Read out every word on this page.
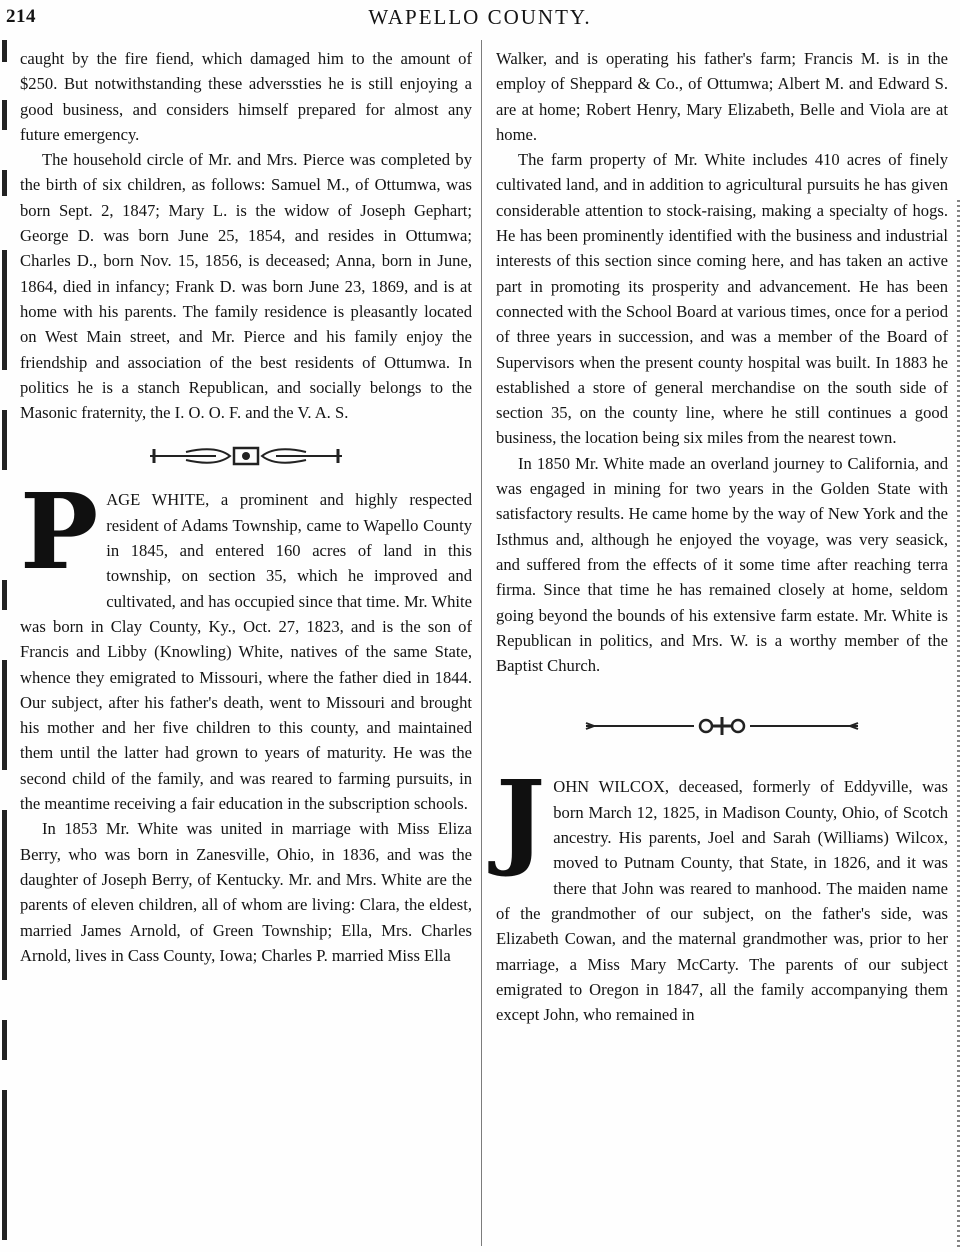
214	WAPELLO COUNTY.

caught by the fire fiend, which damaged him to the amount of $250. But notwithstanding these adverssties he is still enjoying a good business, and considers himself prepared for almost any future emergency.

The household circle of Mr. and Mrs. Pierce was completed by the birth of six children, as follows: Samuel M., of Ottumwa, was born Sept. 2, 1847; Mary L. is the widow of Joseph Gephart; George D. was born June 25, 1854, and resides in Ottumwa; Charles D., born Nov. 15, 1856, is deceased; Anna, born in June, 1864, died in infancy; Frank D. was born June 23, 1869, and is at home with his parents. The family residence is pleasantly located on West Main street, and Mr. Pierce and his family enjoy the friendship and association of the best residents of Ottumwa. In politics he is a stanch Republican, and socially belongs to the Masonic fraternity, the I. O. O. F. and the V. A. S.

PAGE WHITE, a prominent and highly respected resident of Adams Township, came to Wapello County in 1845, and entered 160 acres of land in this township, on section 35, which he improved and cultivated, and has occupied since that time. Mr. White was born in Clay County, Ky., Oct. 27, 1823, and is the son of Francis and Libby (Knowling) White, natives of the same State, whence they emigrated to Missouri, where the father died in 1844. Our subject, after his father's death, went to Missouri and brought his mother and her five children to this county, and maintained them until the latter had grown to years of maturity. He was the second child of the family, and was reared to farming pursuits, in the meantime receiving a fair education in the subscription schools.

In 1853 Mr. White was united in marriage with Miss Eliza Berry, who was born in Zanesville, Ohio, in 1836, and was the daughter of Joseph Berry, of Kentucky. Mr. and Mrs. White are the parents of eleven children, all of whom are living: Clara, the eldest, married James Arnold, of Green Township; Ella, Mrs. Charles Arnold, lives in Cass County, Iowa; Charles P. married Miss Ella

Walker, and is operating his father's farm; Francis M. is in the employ of Sheppard & Co., of Ottumwa; Albert M. and Edward S. are at home; Robert Henry, Mary Elizabeth, Belle and Viola are at home.

The farm property of Mr. White includes 410 acres of finely cultivated land, and in addition to agricultural pursuits he has given considerable attention to stock-raising, making a specialty of hogs. He has been prominently identified with the business and industrial interests of this section since coming here, and has taken an active part in promoting its prosperity and advancement. He has been connected with the School Board at various times, once for a period of three years in succession, and was a member of the Board of Supervisors when the present county hospital was built. In 1883 he established a store of general merchandise on the south side of section 35, on the county line, where he still continues a good business, the location being six miles from the nearest town.

In 1850 Mr. White made an overland journey to California, and was engaged in mining for two years in the Golden State with satisfactory results. He came home by the way of New York and the Isthmus and, although he enjoyed the voyage, was very seasick, and suffered from the effects of it some time after reaching terra firma. Since that time he has remained closely at home, seldom going beyond the bounds of his extensive farm estate. Mr. White is Republican in politics, and Mrs. W. is a worthy member of the Baptist Church.

JOHN WILCOX, deceased, formerly of Eddyville, was born March 12, 1825, in Madison County, Ohio, of Scotch ancestry. His parents, Joel and Sarah (Williams) Wilcox, moved to Putnam County, that State, in 1826, and it was there that John was reared to manhood. The maiden name of the grandmother of our subject, on the father's side, was Elizabeth Cowan, and the maternal grandmother was, prior to her marriage, a Miss Mary McCarty. The parents of our subject emigrated to Oregon in 1847, all the family accompanying them except John, who remained in
